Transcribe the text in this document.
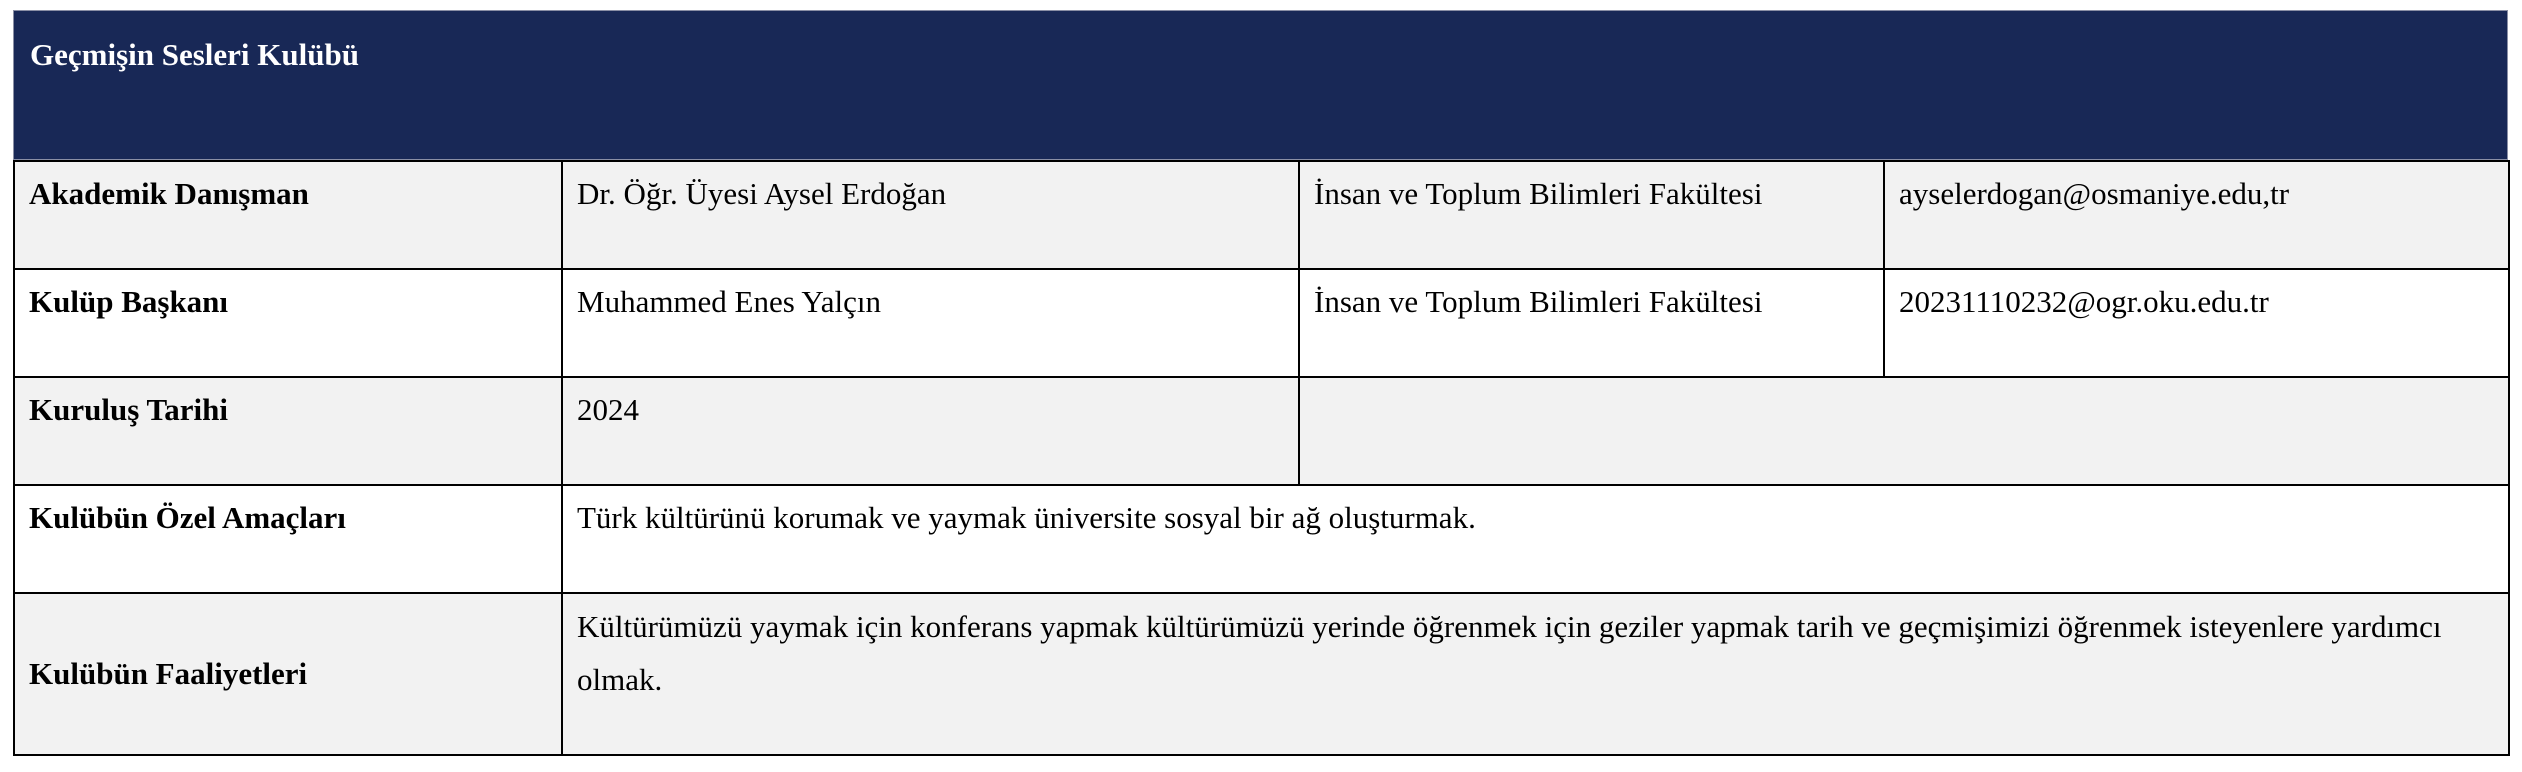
Geçmişin Sesleri Kulübü
Akademik Danışman	Dr. Öğr. Üyesi Aysel Erdoğan	İnsan ve Toplum Bilimleri Fakültesi	ayselerdogan@osmaniye.edu,tr
Kulüp Başkanı	Muhammed Enes Yalçın	İnsan ve Toplum Bilimleri Fakültesi	20231110232@ogr.oku.edu.tr
Kuruluş Tarihi	2024		
Kulübün Özel Amaçları	Türk kültürünü korumak ve yaymak üniversite sosyal bir ağ oluşturmak.		
Kulübün Faaliyetleri	Kültürümüzü yaymak için konferans yapmak kültürümüzü yerinde öğrenmek için geziler yapmak tarih ve geçmişimizi öğrenmek isteyenlere yardımcı olmak.		
